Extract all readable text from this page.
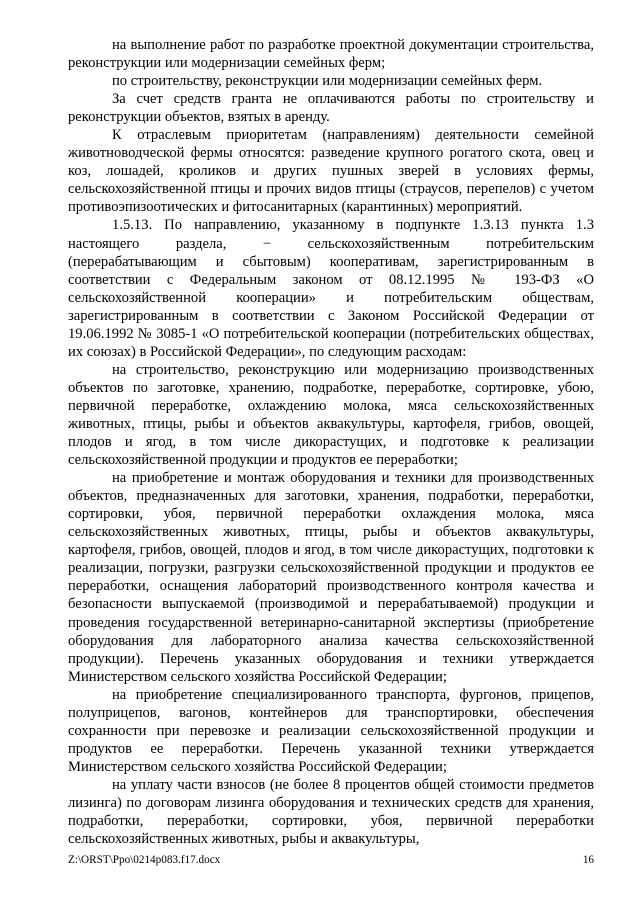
на выполнение работ по разработке проектной документации строительства, реконструкции или модернизации семейных ферм;

по строительству, реконструкции или модернизации семейных ферм.

За счет средств гранта не оплачиваются работы по строительству и реконструкции объектов, взятых в аренду.

К отраслевым приоритетам (направлениям) деятельности семейной животноводческой фермы относятся: разведение крупного рогатого скота, овец и коз, лошадей, кроликов и других пушных зверей в условиях фермы, сельскохозяйственной птицы и прочих видов птицы (страусов, перепелов) с учетом противоэпизоотических и фитосанитарных (карантинных) мероприятий.

1.5.13. По направлению, указанному в подпункте 1.3.13 пункта 1.3 настоящего раздела, − сельскохозяйственным потребительским (перерабатывающим и сбытовым) кооперативам, зарегистрированным в соответствии с Федеральным законом от 08.12.1995 № 193-ФЗ «О сельскохозяйственной кооперации» и потребительским обществам, зарегистрированным в соответствии с Законом Российской Федерации от 19.06.1992 № 3085-1 «О потребительской кооперации (потребительских обществах, их союзах) в Российской Федерации», по следующим расходам:

на строительство, реконструкцию или модернизацию производственных объектов по заготовке, хранению, подработке, переработке, сортировке, убою, первичной переработке, охлаждению молока, мяса сельскохозяйственных животных, птицы, рыбы и объектов аквакультуры, картофеля, грибов, овощей, плодов и ягод, в том числе дикорастущих, и подготовке к реализации сельскохозяйственной продукции и продуктов ее переработки;

на приобретение и монтаж оборудования и техники для производственных объектов, предназначенных для заготовки, хранения, подработки, переработки, сортировки, убоя, первичной переработки охлаждения молока, мяса сельскохозяйственных животных, птицы, рыбы и объектов аквакультуры, картофеля, грибов, овощей, плодов и ягод, в том числе дикорастущих, подготовки к реализации, погрузки, разгрузки сельскохозяйственной продукции и продуктов ее переработки, оснащения лабораторий производственного контроля качества и безопасности выпускаемой (производимой и перерабатываемой) продукции и проведения государственной ветеринарно-санитарной экспертизы (приобретение оборудования для лабораторного анализа качества сельскохозяйственной продукции). Перечень указанных оборудования и техники утверждается Министерством сельского хозяйства Российской Федерации;

на приобретение специализированного транспорта, фургонов, прицепов, полуприцепов, вагонов, контейнеров для транспортировки, обеспечения сохранности при перевозке и реализации сельскохозяйственной продукции и продуктов ее переработки. Перечень указанной техники утверждается Министерством сельского хозяйства Российской Федерации;

на уплату части взносов (не более 8 процентов общей стоимости предметов лизинга) по договорам лизинга оборудования и технических средств для хранения, подработки, переработки, сортировки, убоя, первичной переработки сельскохозяйственных животных, рыбы и аквакультуры,

Z:\ORST\Ppo\0214p083.f17.docx	16
